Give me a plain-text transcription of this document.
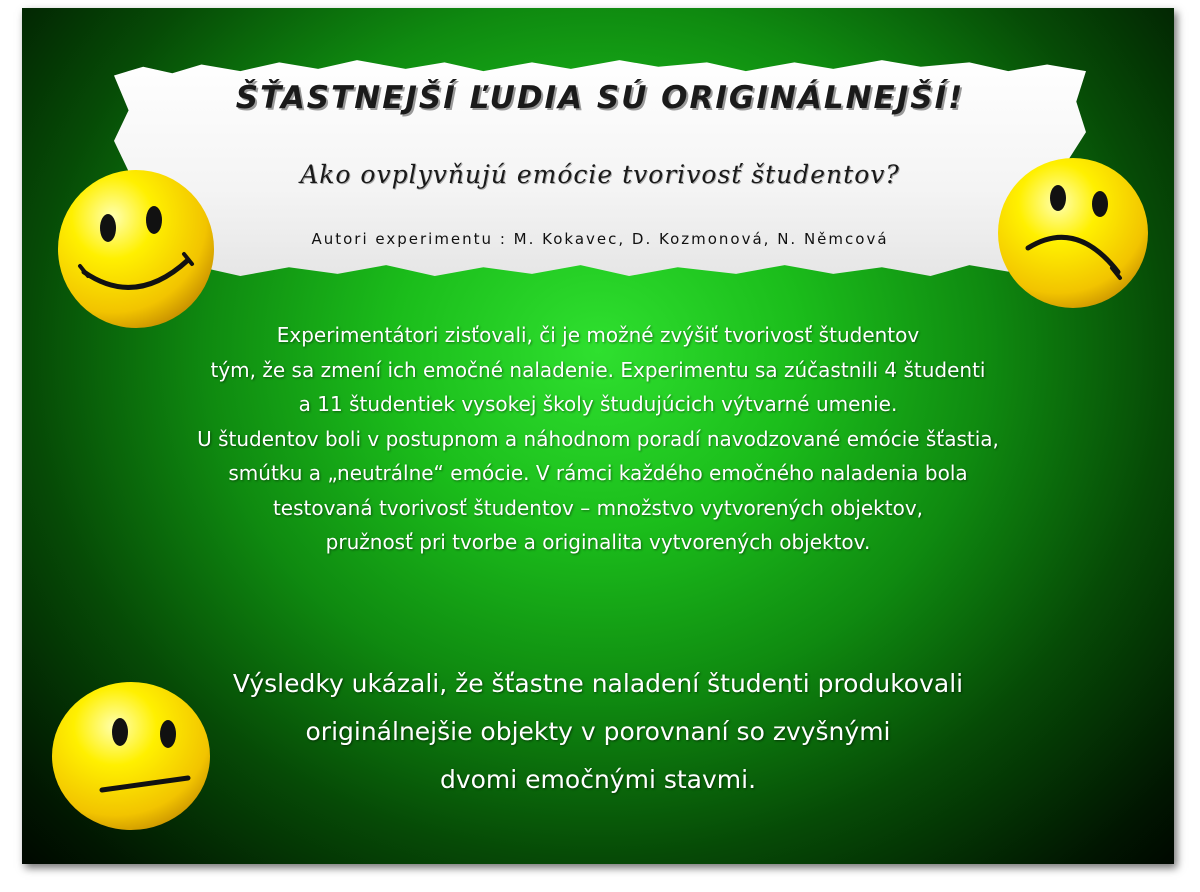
ŠŤASTNEJŠÍ ĽUDIA SÚ ORIGINÁLNEJŠÍ!
Ako ovplyvňujú emócie tvorivosť študentov?
Autori experimentu : M. Kokavec, D. Kozmonová, N. Němcová

Experimentátori zisťovali, či je možné zvýšiť tvorivosť študentov
tým, že sa zmení ich emočné naladenie. Experimentu sa zúčastnili 4 študenti
a 11 študentiek vysokej školy študujúcich výtvarné umenie.
U študentov boli v postupnom a náhodnom poradí navodzované emócie šťastia,
smútku a „neutrálne“ emócie. V rámci každého emočného naladenia bola
testovaná tvorivosť študentov – množstvo vytvorených objektov,
pružnosť pri tvorbe a originalita vytvorených objektov.

Výsledky ukázali, že šťastne naladení študenti produkovali
originálnejšie objekty v porovnaní so zvyšnými
dvomi emočnými stavmi.
